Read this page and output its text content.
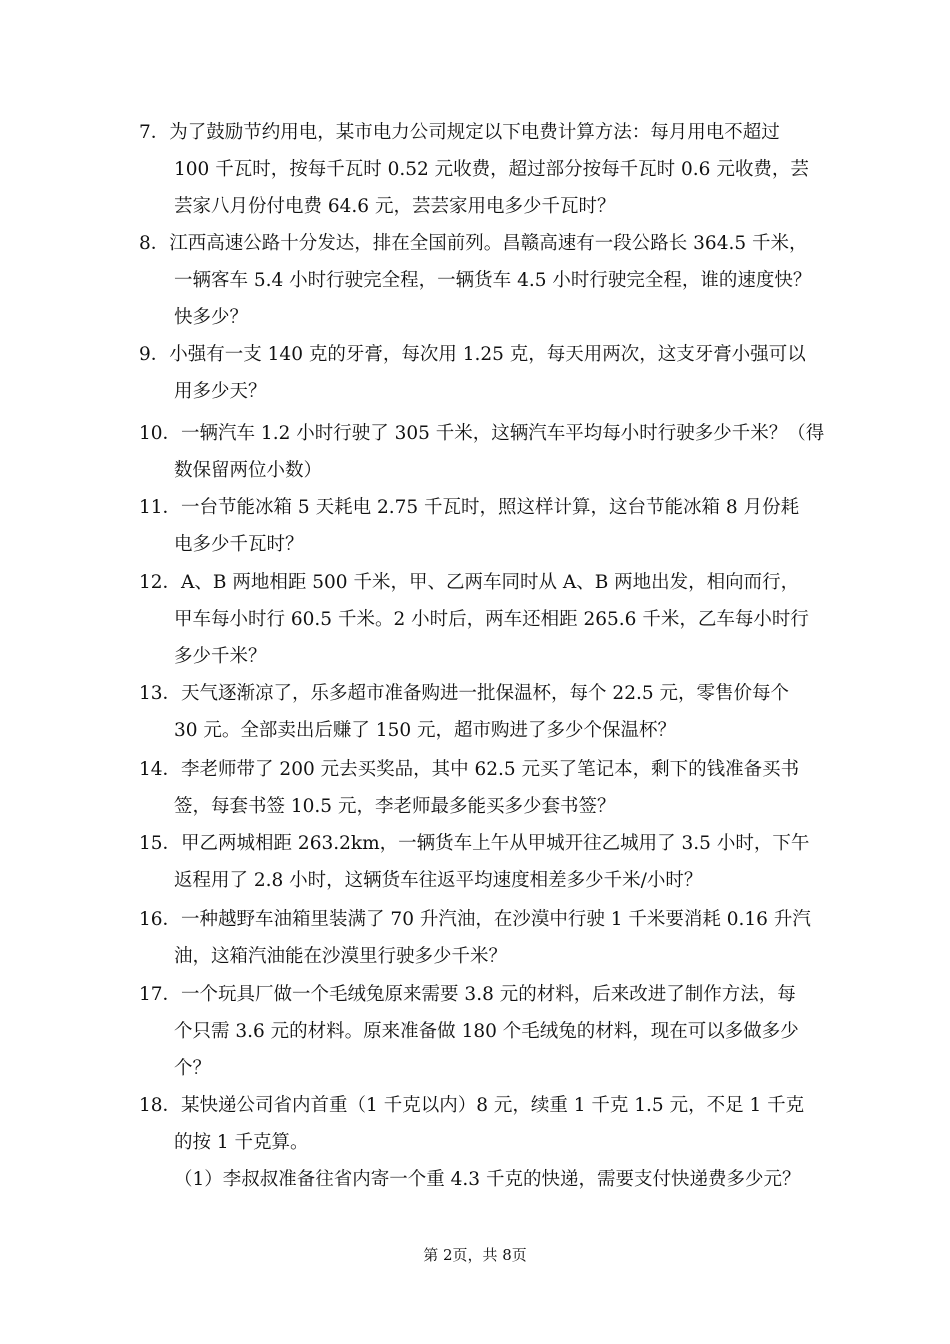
7．为了鼓励节约用电，某市电力公司规定以下电费计算方法：每月用电不超过
100 千瓦时，按每千瓦时 0.52 元收费，超过部分按每千瓦时 0.6 元收费，芸
芸家八月份付电费 64.6 元，芸芸家用电多少千瓦时？
8．江西高速公路十分发达，排在全国前列。昌赣高速有一段公路长 364.5 千米，
一辆客车 5.4 小时行驶完全程，一辆货车 4.5 小时行驶完全程，谁的速度快？
快多少？
9．小强有一支 140 克的牙膏，每次用 1.25 克，每天用两次，这支牙膏小强可以
用多少天？
10．一辆汽车 1.2 小时行驶了 305 千米，这辆汽车平均每小时行驶多少千米？（得
数保留两位小数）
11．一台节能冰箱 5 天耗电 2.75 千瓦时，照这样计算，这台节能冰箱 8 月份耗
电多少千瓦时？
12．A、B 两地相距 500 千米，甲、乙两车同时从 A、B 两地出发，相向而行，
甲车每小时行 60.5 千米。2 小时后，两车还相距 265.6 千米，乙车每小时行
多少千米？
13．天气逐渐凉了，乐多超市准备购进一批保温杯，每个 22.5 元，零售价每个
30 元。全部卖出后赚了 150 元，超市购进了多少个保温杯？
14．李老师带了 200 元去买奖品，其中 62.5 元买了笔记本，剩下的钱准备买书
签，每套书签 10.5 元，李老师最多能买多少套书签？
15．甲乙两城相距 263.2km，一辆货车上午从甲城开往乙城用了 3.5 小时，下午
返程用了 2.8 小时，这辆货车往返平均速度相差多少千米/小时？
16．一种越野车油箱里装满了 70 升汽油，在沙漠中行驶 1 千米要消耗 0.16 升汽
油，这箱汽油能在沙漠里行驶多少千米？
17．一个玩具厂做一个毛绒兔原来需要 3.8 元的材料，后来改进了制作方法，每
个只需 3.6 元的材料。原来准备做 180 个毛绒兔的材料，现在可以多做多少
个？
18．某快递公司省内首重（1 千克以内）8 元，续重 1 千克 1.5 元，不足 1 千克
的按 1 千克算。
（1）李叔叔准备往省内寄一个重 4.3 千克的快递，需要支付快递费多少元？
第 2页，共 8页
